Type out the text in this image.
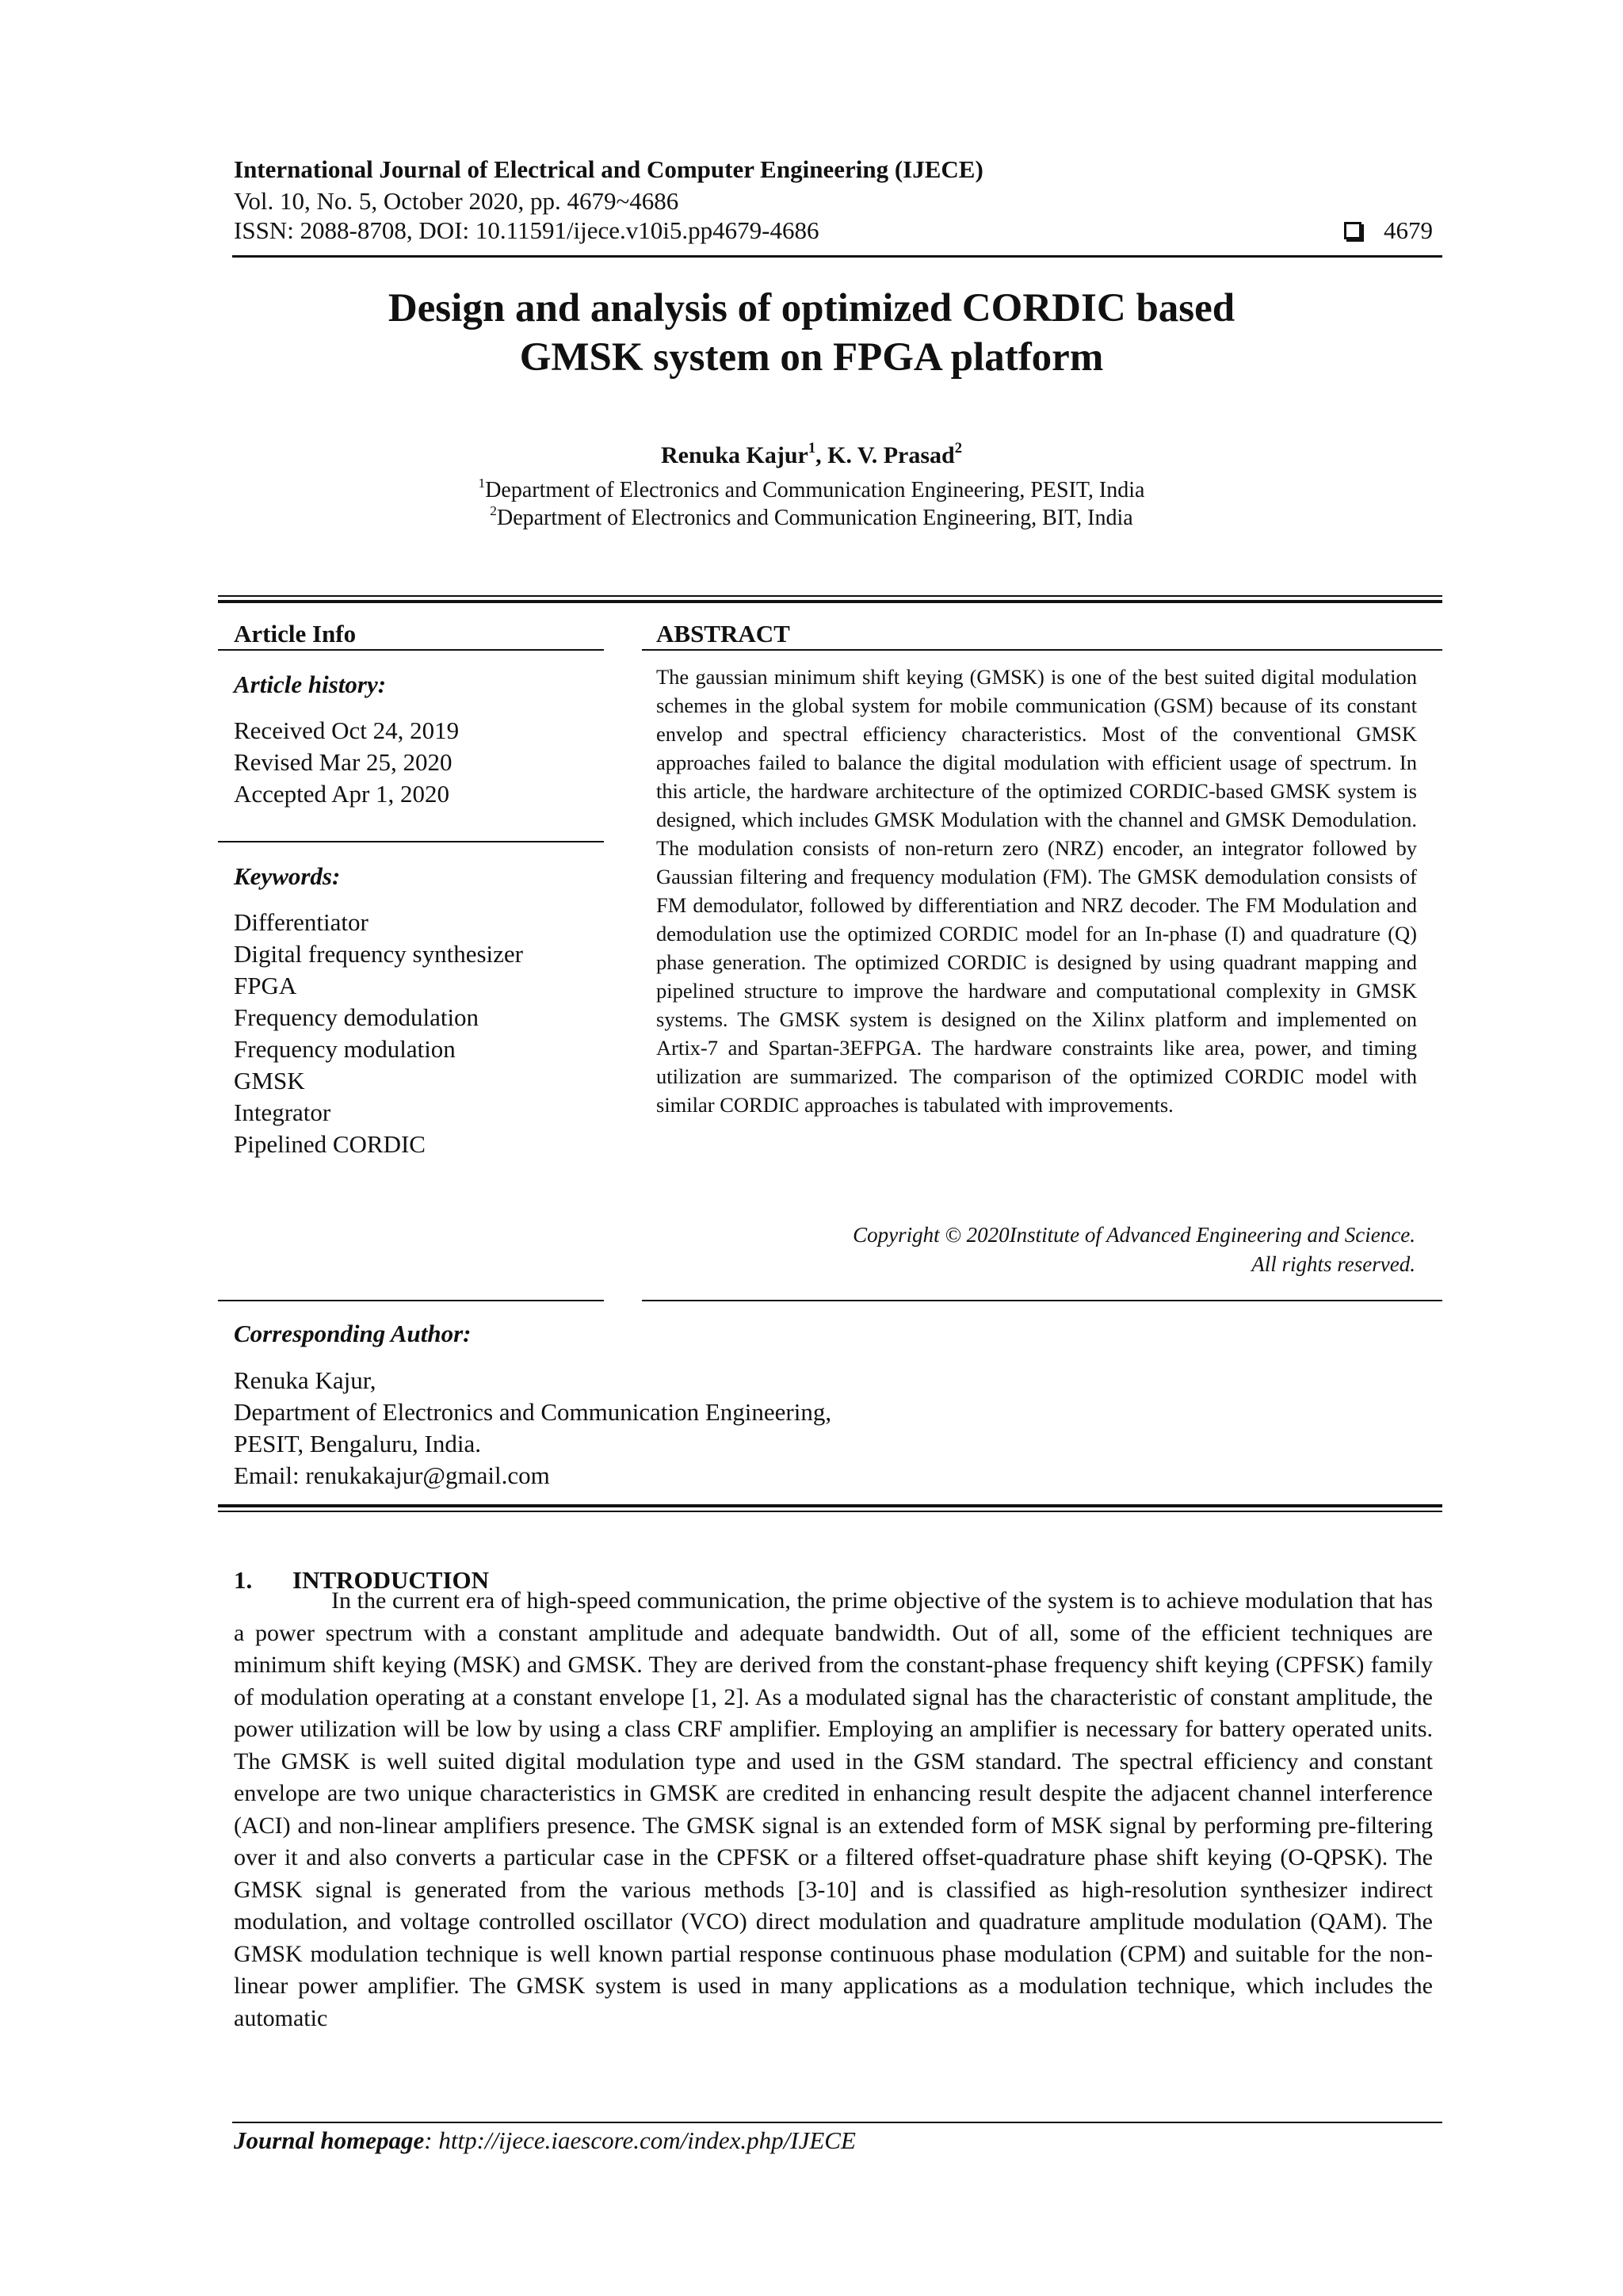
International Journal of Electrical and Computer Engineering (IJECE)
Vol. 10, No. 5, October 2020, pp. 4679~4686
ISSN: 2088-8708, DOI: 10.11591/ijece.v10i5.pp4679-4686	4679
Design and analysis of optimized CORDIC based
GMSK system on FPGA platform
Renuka Kajur$^1$, K. V. Prasad$^2$
$^1$Department of Electronics and Communication Engineering, PESIT, India
$^2$Department of Electronics and Communication Engineering, BIT, India
Article Info
Article history:
Received Oct 24, 2019
Revised Mar 25, 2020
Accepted Apr 1, 2020
Keywords:
Differentiator
Digital frequency synthesizer
FPGA
Frequency demodulation
Frequency modulation
GMSK
Integrator
Pipelined CORDIC
ABSTRACT
The gaussian minimum shift keying (GMSK) is one of the best suited digital modulation schemes in the global system for mobile communication (GSM) because of its constant envelop and spectral efficiency characteristics. Most of the conventional GMSK approaches failed to balance the digital modulation with efficient usage of spectrum. In this article, the hardware architecture of the optimized CORDIC-based GMSK system is designed, which includes GMSK Modulation with the channel and GMSK Demodulation. The modulation consists of non-return zero (NRZ) encoder, an integrator followed by Gaussian filtering and frequency modulation (FM). The GMSK demodulation consists of FM demodulator, followed by differentiation and NRZ decoder. The FM Modulation and demodulation use the optimized CORDIC model for an In-phase (I) and quadrature (Q) phase generation. The optimized CORDIC is designed by using quadrant mapping and pipelined structure to improve the hardware and computational complexity in GMSK systems. The GMSK system is designed on the Xilinx platform and implemented on Artix-7 and Spartan-3EFPGA. The hardware constraints like area, power, and timing utilization are summarized. The comparison of the optimized CORDIC model with similar CORDIC approaches is tabulated with improvements.
Copyright © 2020Institute of Advanced Engineering and Science.
All rights reserved.
Corresponding Author:
Renuka Kajur,
Department of Electronics and Communication Engineering,
PESIT, Bengaluru, India.
Email: renukakajur@gmail.com
1. INTRODUCTION

In the current era of high-speed communication, the prime objective of the system is to achieve modulation that has a power spectrum with a constant amplitude and adequate bandwidth. Out of all, some of the efficient techniques are minimum shift keying (MSK) and GMSK. They are derived from the constant-phase frequency shift keying (CPFSK) family of modulation operating at a constant envelope [1, 2]. As a modulated signal has the characteristic of constant amplitude, the power utilization will be low by using a class CRF amplifier. Employing an amplifier is necessary for battery operated units. The GMSK is well suited digital modulation type and used in the GSM standard. The spectral efficiency and constant envelope are two unique characteristics in GMSK are credited in enhancing result despite the adjacent channel interference (ACI) and non-linear amplifiers presence. The GMSK signal is an extended form of MSK signal by performing pre-filtering over it and also converts a particular case in the CPFSK or a filtered offset-quadrature phase shift keying (O-QPSK). The GMSK signal is generated from the various methods [3-10] and is classified as high-resolution synthesizer indirect modulation, and voltage controlled oscillator (VCO) direct modulation and quadrature amplitude modulation (QAM). The GMSK modulation technique is well known partial response continuous phase modulation (CPM) and suitable for the non-linear power amplifier. The GMSK system is used in many applications as a modulation technique, which includes the automatic

Journal homepage: http://ijece.iaescore.com/index.php/IJECE
